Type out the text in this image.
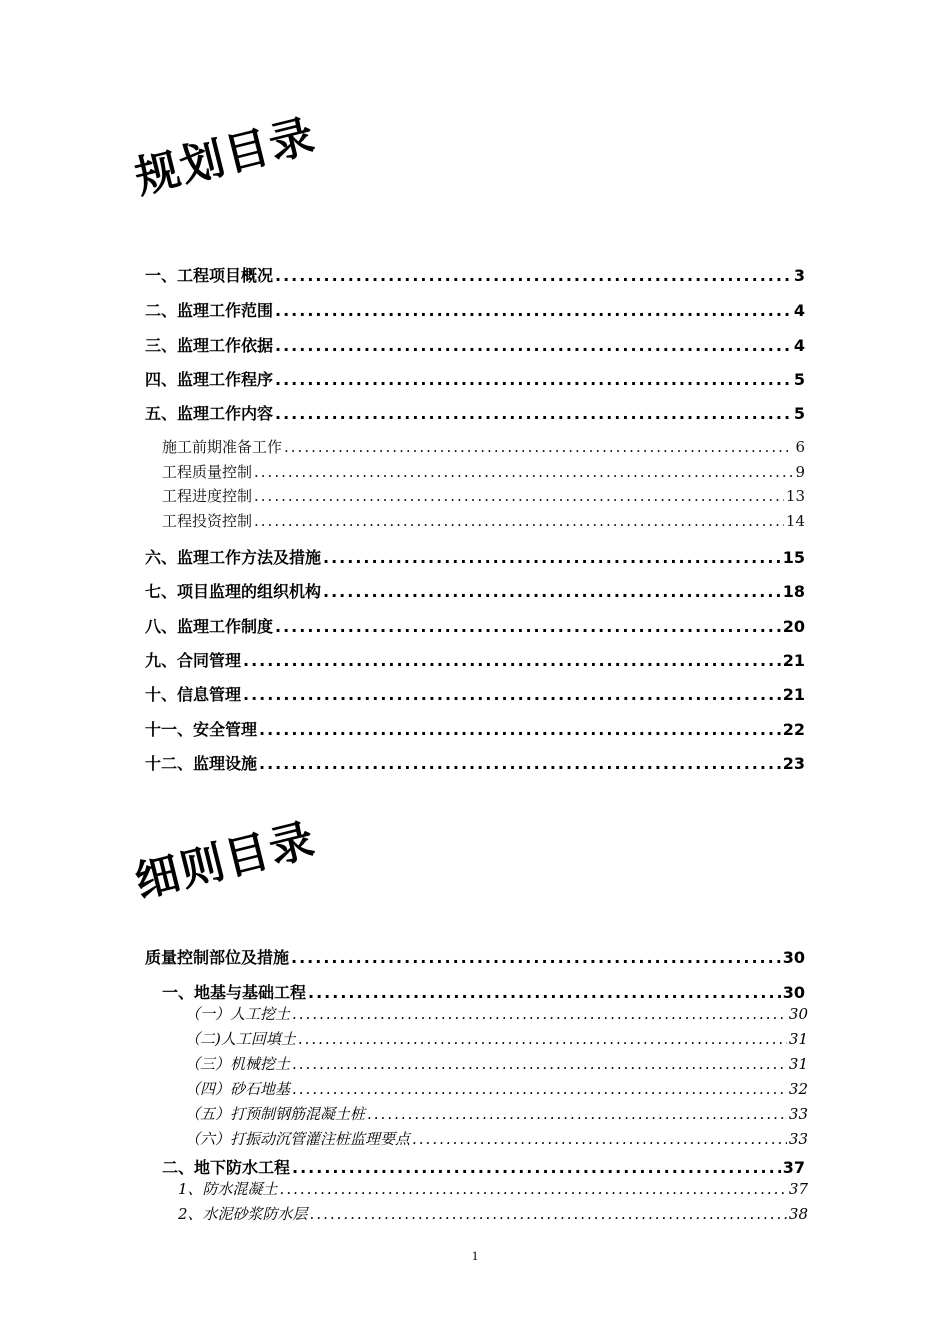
规划目录
一、工程项目概况 .....	3
二、监理工作范围 .....	4
三、监理工作依据 .....	4
四、监理工作程序 .....	5
五、监理工作内容 .....	5
施工前期准备工作 .....	6
工程质量控制 .....	9
工程进度控制 .....	13
工程投资控制 .....	14
六、监理工作方法及措施 .....	15
七、项目监理的组织机构 .....	18
八、监理工作制度 .....	20
九、合同管理 .....	21
十、信息管理 .....	21
十一、安全管理 .....	22
十二、监理设施 .....	23
细则目录
质量控制部位及措施 .....	30
一、地基与基础工程 .....	30
（一）人工挖土 .....	30
（二)人工回填土 .....	31
（三）机械挖土 .....	31
（四）砂石地基 .....	32
（五）打预制钢筋混凝土桩 .....	33
（六）打振动沉管灌注桩监理要点 .....	33
二、地下防水工程 .....	37
1、防水混凝土 .....	37
2、水泥砂浆防水层 .....	38
1
